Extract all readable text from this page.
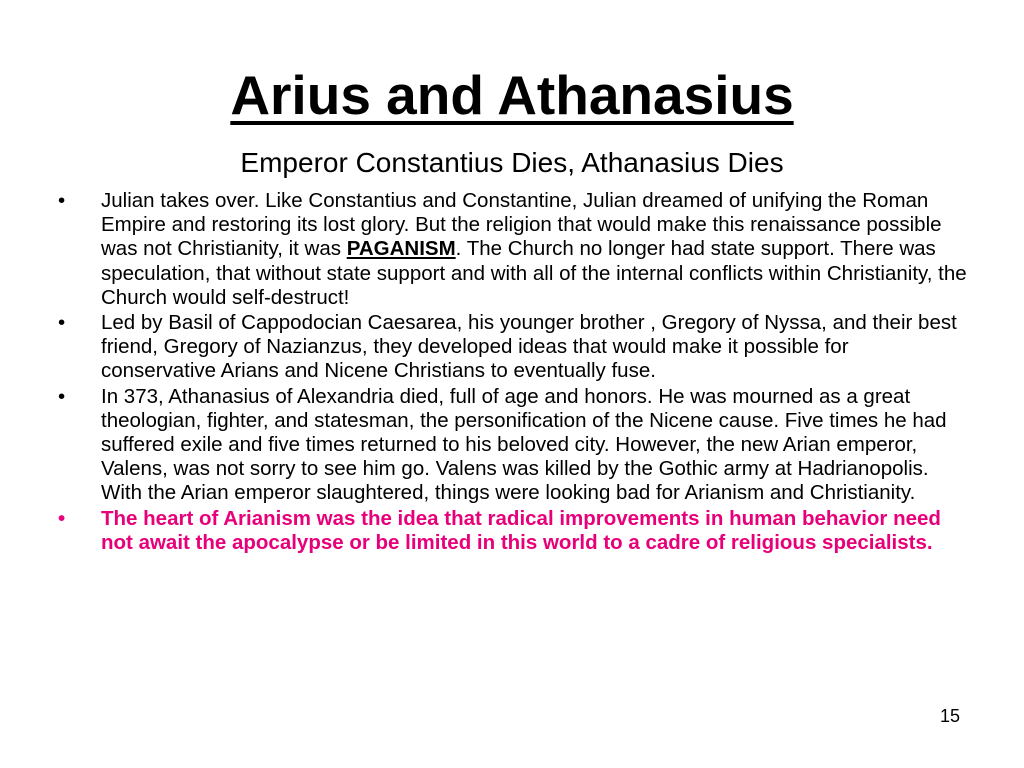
Arius and Athanasius
Emperor Constantius Dies, Athanasius Dies
•	Julian takes over. Like Constantius and Constantine, Julian dreamed of unifying the Roman Empire and restoring its lost glory. But the religion that would make this renaissance possible was not Christianity, it was PAGANISM. The Church no longer had state support. There was speculation, that without state support and with all of the internal conflicts within Christianity, the Church would self-destruct!
•	Led by Basil of Cappodocian Caesarea, his younger brother , Gregory of Nyssa, and their best friend, Gregory of Nazianzus, they developed ideas that would make it possible for conservative Arians and Nicene Christians to eventually fuse.
•	In 373, Athanasius of Alexandria died, full of age and honors. He was mourned as a great theologian, fighter, and statesman, the personification of the Nicene cause. Five times he had suffered exile and five times returned to his beloved city. However, the new Arian emperor, Valens, was not sorry to see him go. Valens was killed by the Gothic army at Hadrianopolis. With the Arian emperor slaughtered, things were looking bad for Arianism and Christianity.
•	The heart of Arianism was the idea that radical improvements in human behavior need not await the apocalypse or be limited in this world to a cadre of religious specialists.
15
